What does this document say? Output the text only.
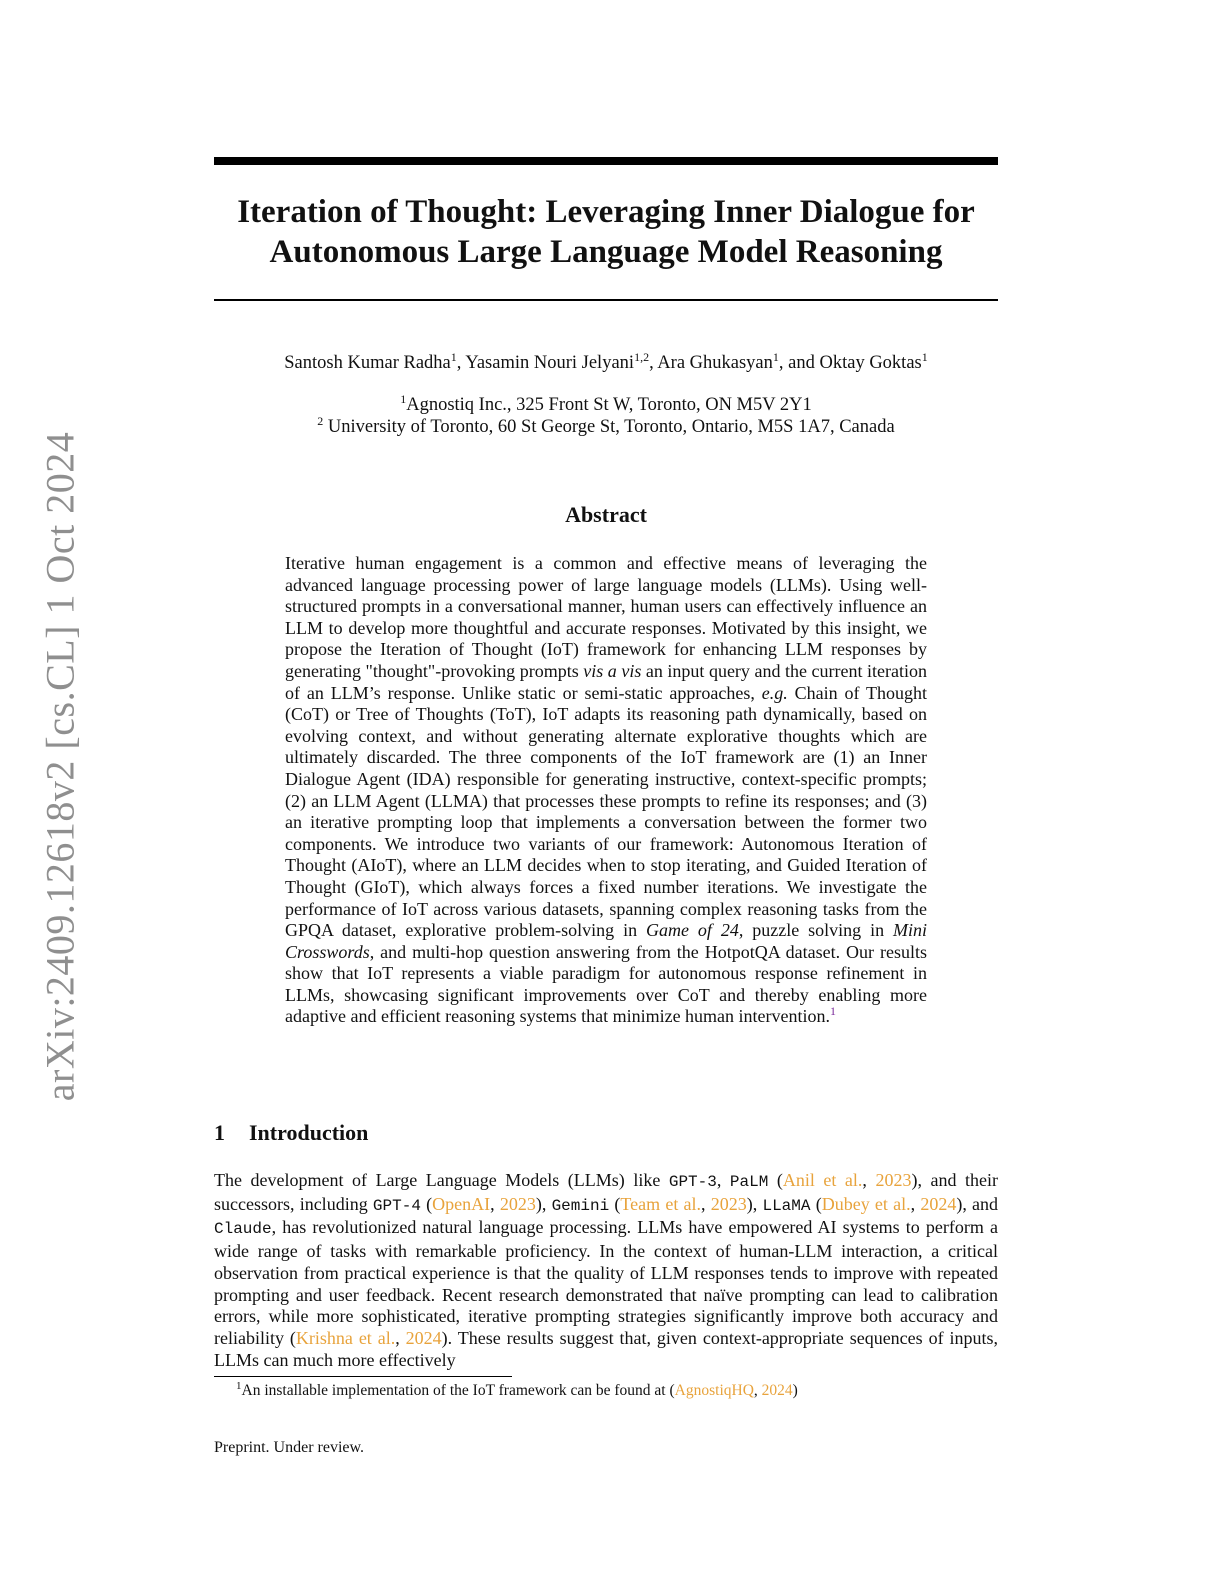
arXiv:2409.12618v2 [cs.CL] 1 Oct 2024
Iteration of Thought: Leveraging Inner Dialogue for
Autonomous Large Language Model Reasoning
Santosh Kumar Radha$^1$, Yasamin Nouri Jelyani$^{1,2}$, Ara Ghukasyan$^1$, and Oktay Goktas$^1$
$^1$Agnostiq Inc., 325 Front St W, Toronto, ON M5V 2Y1
$^2$ University of Toronto, 60 St George St, Toronto, Ontario, M5S 1A7, Canada
Abstract

Iterative human engagement is a common and effective means of leveraging the advanced language processing power of large language models (LLMs). Using well-structured prompts in a conversational manner, human users can effectively influence an LLM to develop more thoughtful and accurate responses. Motivated by this insight, we propose the Iteration of Thought (IoT) framework for enhancing LLM responses by generating "thought"-provoking prompts vis a vis an input query and the current iteration of an LLM’s response. Unlike static or semi-static approaches, e.g. Chain of Thought (CoT) or Tree of Thoughts (ToT), IoT adapts its reasoning path dynamically, based on evolving context, and without generating alternate explorative thoughts which are ultimately discarded. The three components of the IoT framework are (1) an Inner Dialogue Agent (IDA) responsible for generating instructive, context-specific prompts; (2) an LLM Agent (LLMA) that processes these prompts to refine its responses; and (3) an iterative prompting loop that implements a conversation between the former two components. We introduce two variants of our framework: Autonomous Iteration of Thought (AIoT), where an LLM decides when to stop iterating, and Guided Iteration of Thought (GIoT), which always forces a fixed number iterations. We investigate the performance of IoT across various datasets, spanning complex reasoning tasks from the GPQA dataset, explorative problem-solving in Game of 24, puzzle solving in Mini Crosswords, and multi-hop question answering from the HotpotQA dataset. Our results show that IoT represents a viable paradigm for autonomous response refinement in LLMs, showcasing significant improvements over CoT and thereby enabling more adaptive and efficient reasoning systems that minimize human intervention.$^1$

1 Introduction

The development of Large Language Models (LLMs) like GPT-3, PaLM (Anil et al., 2023), and their successors, including GPT-4 (OpenAI, 2023), Gemini (Team et al., 2023), LLaMA (Dubey et al., 2024), and Claude, has revolutionized natural language processing. LLMs have empowered AI systems to perform a wide range of tasks with remarkable proficiency. In the context of human-LLM interaction, a critical observation from practical experience is that the quality of LLM responses tends to improve with repeated prompting and user feedback. Recent research demonstrated that naïve prompting can lead to calibration errors, while more sophisticated, iterative prompting strategies significantly improve both accuracy and reliability (Krishna et al., 2024). These results suggest that, given context-appropriate sequences of inputs, LLMs can much more effectively

$^1$An installable implementation of the IoT framework can be found at (AgnostiqHQ, 2024)

Preprint. Under review.
